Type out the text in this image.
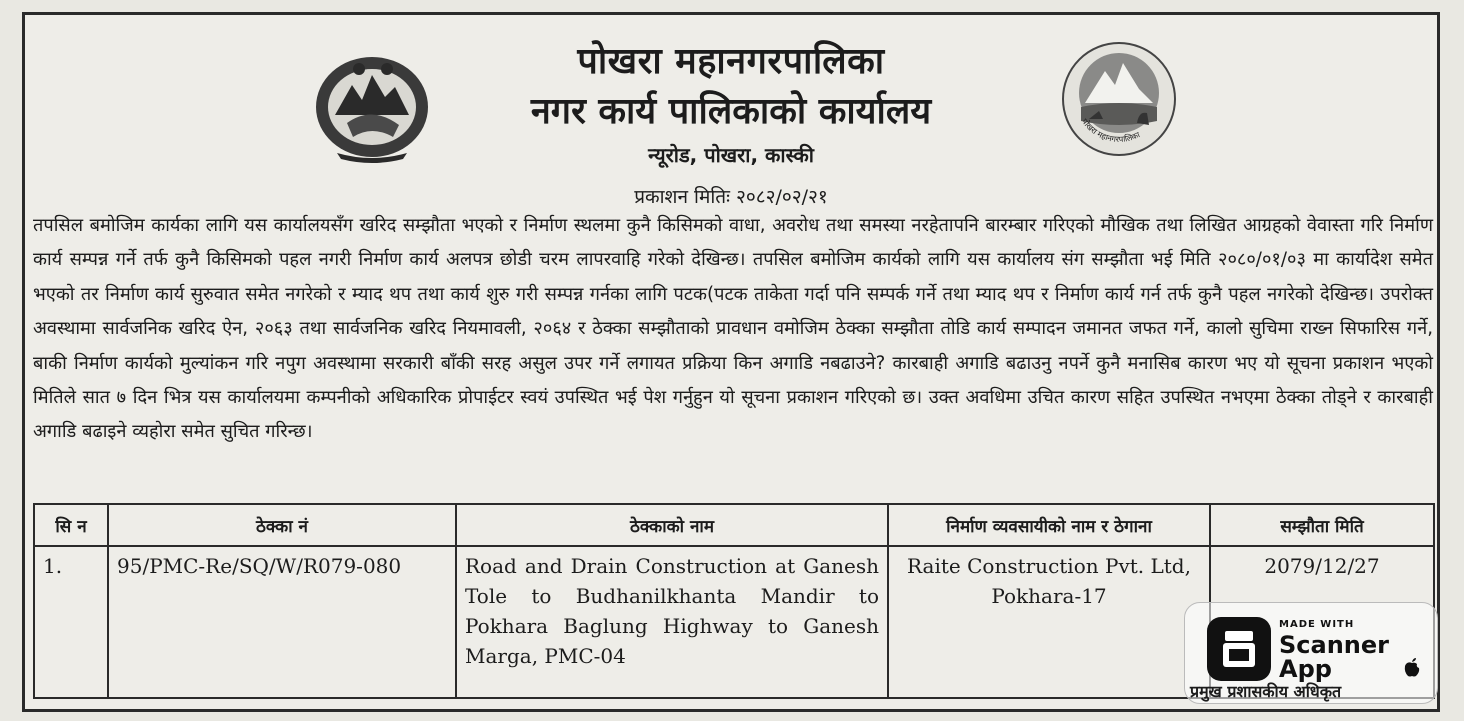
पोखरा महानगरपालिका
पोखरा महानगरपालिका
नगर कार्य पालिकाको कार्यालय
न्यूरोड, पोखरा, कास्की
प्रकाशन मितिः २०८२/०२/२१
तपसिल बमोजिम कार्यका लागि यस कार्यालयसँग खरिद सम्झौता भएको र निर्माण स्थलमा कुनै किसिमको वाधा, अवरोध तथा समस्या नरहेतापनि बारम्बार गरिएको मौखिक तथा लिखित आग्रहको वेवास्ता गरि निर्माण कार्य सम्पन्न गर्ने तर्फ कुनै किसिमको पहल नगरी निर्माण कार्य अलपत्र छोडी चरम लापरवाहि गरेको देखिन्छ। तपसिल बमोजिम कार्यको लागि यस कार्यालय संग सम्झौता भई मिति २०८०/०१/०३ मा कार्यादेश समेत भएको तर निर्माण कार्य सुरुवात समेत नगरेको र म्याद थप तथा कार्य शुरु गरी सम्पन्न गर्नका लागि पटक(पटक ताकेता गर्दा पनि सम्पर्क गर्ने तथा म्याद थप र निर्माण कार्य गर्न तर्फ कुनै पहल नगरेको देखिन्छ। उपरोक्त अवस्थामा सार्वजनिक खरिद ऐन, २०६३ तथा सार्वजनिक खरिद नियमावली, २०६४ र ठेक्का सम्झौताको प्रावधान वमोजिम ठेक्का सम्झौता तोडि कार्य सम्पादन जमानत जफत गर्ने, कालो सुचिमा राख्न सिफारिस गर्ने, बाकी निर्माण कार्यको मुल्यांकन गरि नपुग अवस्थामा सरकारी बाँकी सरह असुल उपर गर्ने लगायत प्रक्रिया किन अगाडि नबढाउने? कारबाही अगाडि बढाउनु नपर्ने कुनै मनासिब कारण भए यो सूचना प्रकाशन भएको मितिले सात ७ दिन भित्र यस कार्यालयमा कम्पनीको अधिकारिक प्रोपाईटर स्वयं उपस्थित भई पेश गर्नुहुन यो सूचना प्रकाशन गरिएको छ। उक्त अवधिमा उचित कारण सहित उपस्थित नभएमा ठेक्का तोड्ने र कारबाही अगाडि बढाइने व्यहोरा समेत सुचित गरिन्छ।
सि न	ठेक्का नं	ठेक्काको नाम	निर्माण व्यवसायीको नाम र ठेगाना	सम्झौता मिति
1.	95/PMC-Re/SQ/W/R079-080	Road and Drain Construction at Ganesh Tole to Budhanilkhanta Mandir to Pokhara Baglung Highway to Ganesh Marga, PMC-04	Raite Construction Pvt. Ltd, Pokhara-17	2079/12/27
MADE WITH
Scanner
App
प्रमुख प्रशासकीय अधिकृत
